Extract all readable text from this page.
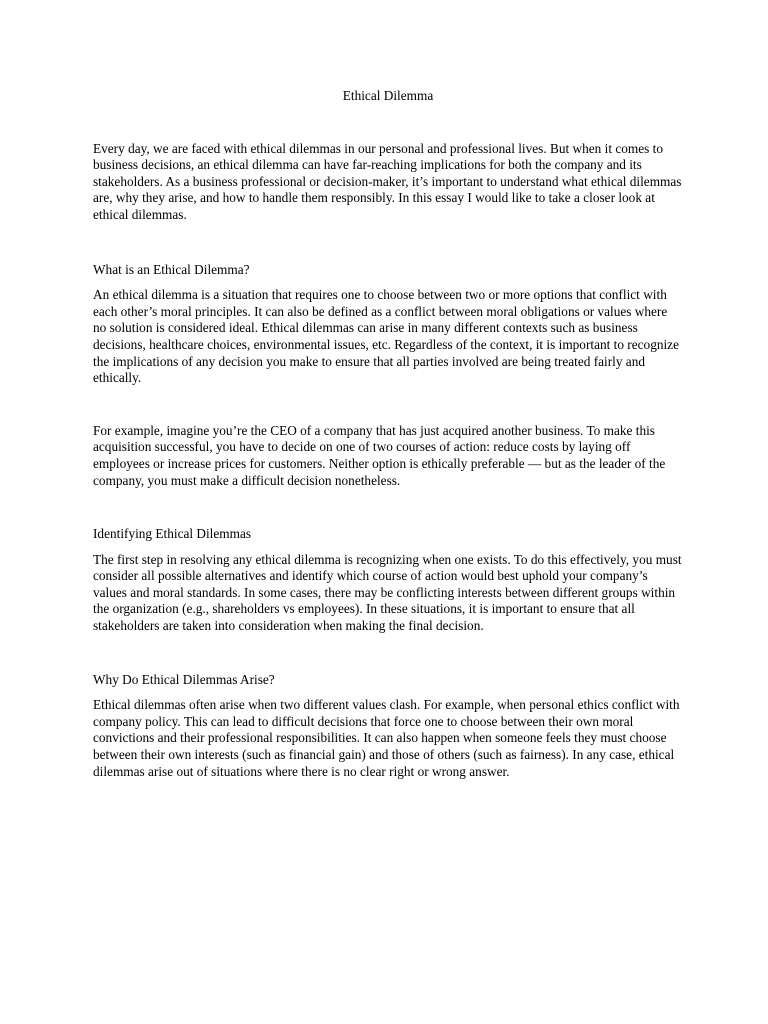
Ethical Dilemma

Every day, we are faced with ethical dilemmas in our personal and professional lives. But when it comes to business decisions, an ethical dilemma can have far-reaching implications for both the company and its stakeholders. As a business professional or decision-maker, it’s important to understand what ethical dilemmas are, why they arise, and how to handle them responsibly. In this essay I would like to take a closer look at ethical dilemmas.

What is an Ethical Dilemma?

An ethical dilemma is a situation that requires one to choose between two or more options that conflict with each other’s moral principles. It can also be defined as a conflict between moral obligations or values where no solution is considered ideal. Ethical dilemmas can arise in many different contexts such as business decisions, healthcare choices, environmental issues, etc. Regardless of the context, it is important to recognize the implications of any decision you make to ensure that all parties involved are being treated fairly and ethically.

For example, imagine you’re the CEO of a company that has just acquired another business. To make this acquisition successful, you have to decide on one of two courses of action: reduce costs by laying off employees or increase prices for customers. Neither option is ethically preferable — but as the leader of the company, you must make a difficult decision nonetheless.

Identifying Ethical Dilemmas

The first step in resolving any ethical dilemma is recognizing when one exists. To do this effectively, you must consider all possible alternatives and identify which course of action would best uphold your company’s values and moral standards. In some cases, there may be conflicting interests between different groups within the organization (e.g., shareholders vs employees). In these situations, it is important to ensure that all stakeholders are taken into consideration when making the final decision.

Why Do Ethical Dilemmas Arise?

Ethical dilemmas often arise when two different values clash. For example, when personal ethics conflict with company policy. This can lead to difficult decisions that force one to choose between their own moral convictions and their professional responsibilities. It can also happen when someone feels they must choose between their own interests (such as financial gain) and those of others (such as fairness). In any case, ethical dilemmas arise out of situations where there is no clear right or wrong answer.
